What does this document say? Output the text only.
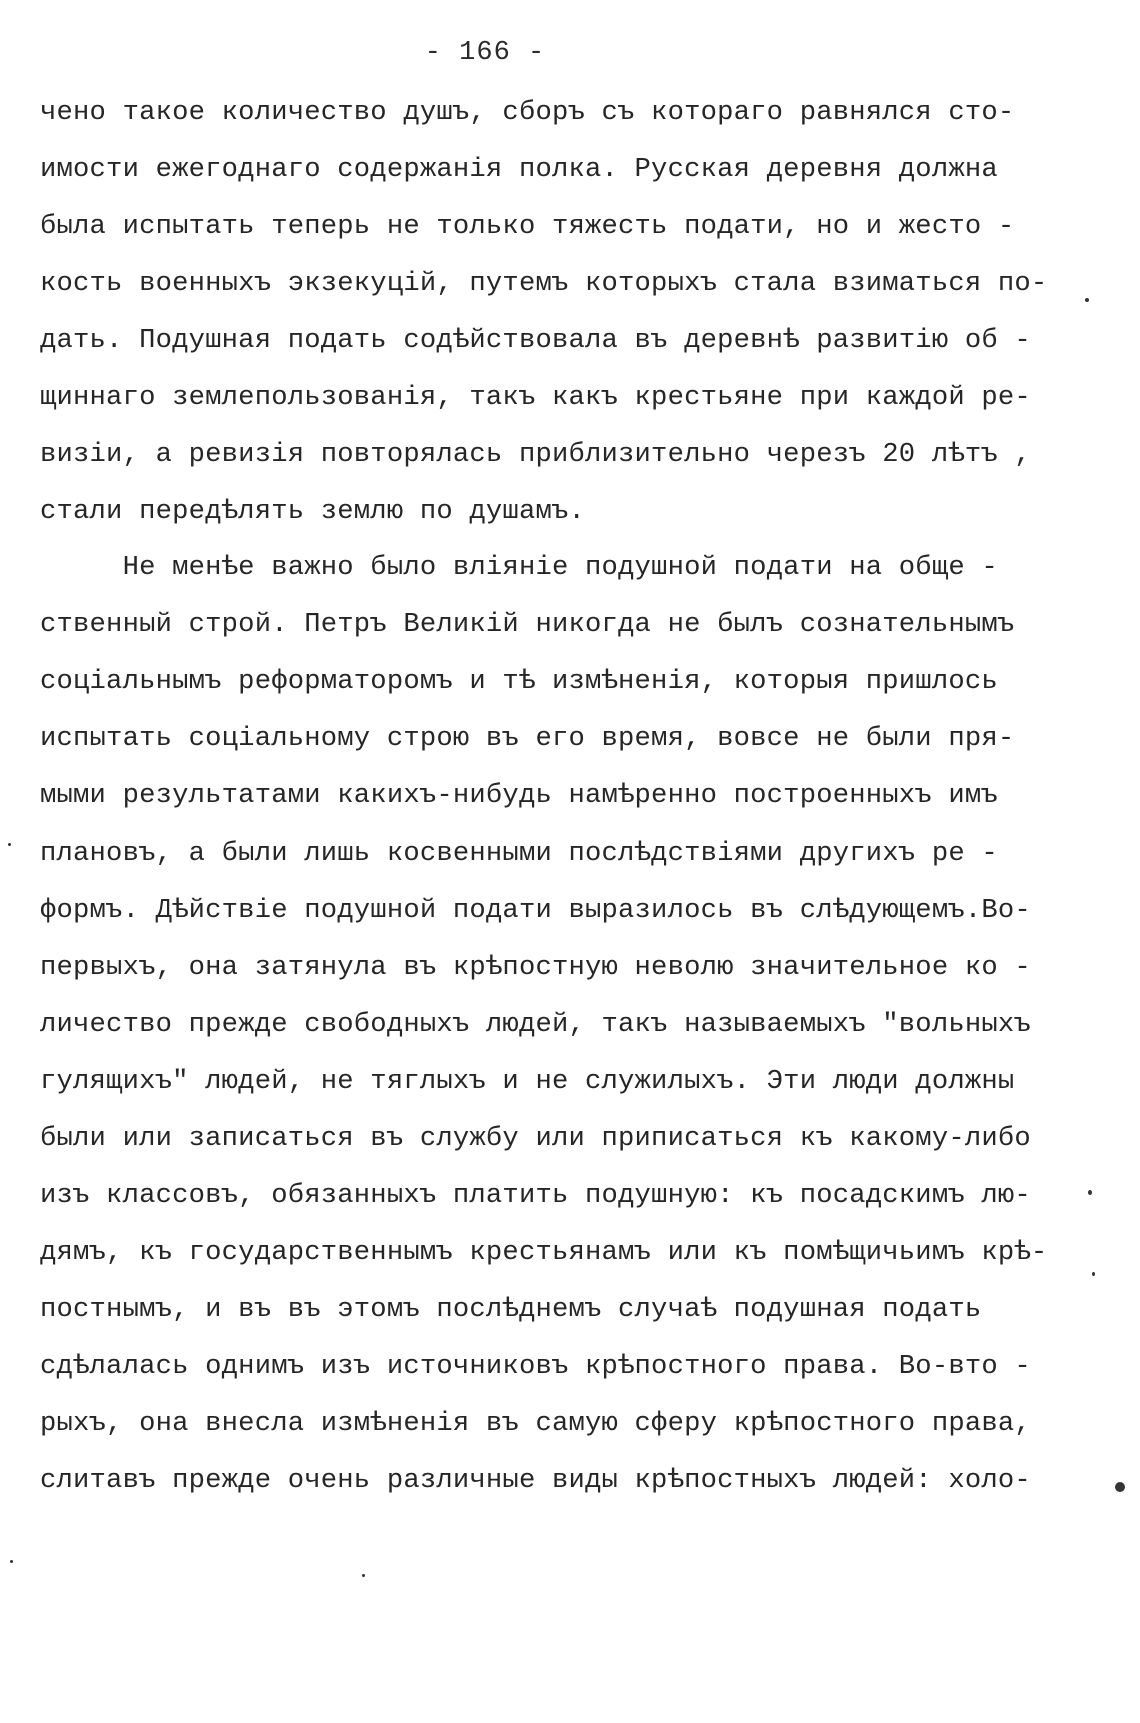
- 166 -
чено такое количество душъ, сборъ съ котораго равнялся сто-
имости ежегоднаго содержанія полка. Русская деревня должна
была испытать теперь не только тяжесть подати, но и жесто -
кость военныхъ экзекуцій, путемъ которыхъ стала взиматься по-
дать. Подушная подать содѣйствовала въ деревнѣ развитію об -
щиннаго землепользованія, такъ какъ крестьяне при каждой ре-
визіи, а ревизія повторялась приблизительно черезъ 20 лѣтъ ,
стали передѣлять землю по душамъ.
Не менѣе важно было вліяніе подушной подати на обще -
ственный строй. Петръ Великій никогда не былъ сознательнымъ
соціальнымъ реформаторомъ и тѣ измѣненія, которыя пришлось
испытать соціальному строю въ его время, вовсе не были пря-
мыми результатами какихъ-нибудь намѣренно построенныхъ имъ
плановъ, а были лишь косвенными послѣдствіями другихъ ре -
формъ. Дѣйствіе подушной подати выразилось въ слѣдующемъ.Во-
первыхъ, она затянула въ крѣпостную неволю значительное ко -
личество прежде свободныхъ людей, такъ называемыхъ "вольныхъ
гулящихъ" людей, не тяглыхъ и не служилыхъ. Эти люди должны
были или записаться въ службу или приписаться къ какому-либо
изъ классовъ, обязанныхъ платить подушную: къ посадскимъ лю-
дямъ, къ государственнымъ крестьянамъ или къ помѣщичьимъ крѣ-
постнымъ, и въ въ этомъ послѣднемъ случаѣ подушная подать
сдѣлалась однимъ изъ источниковъ крѣпостного права. Во-вто -
рыхъ, она внесла измѣненія въ самую сферу крѣпостного права,
слитавъ прежде очень различные виды крѣпостныхъ людей: холо-
